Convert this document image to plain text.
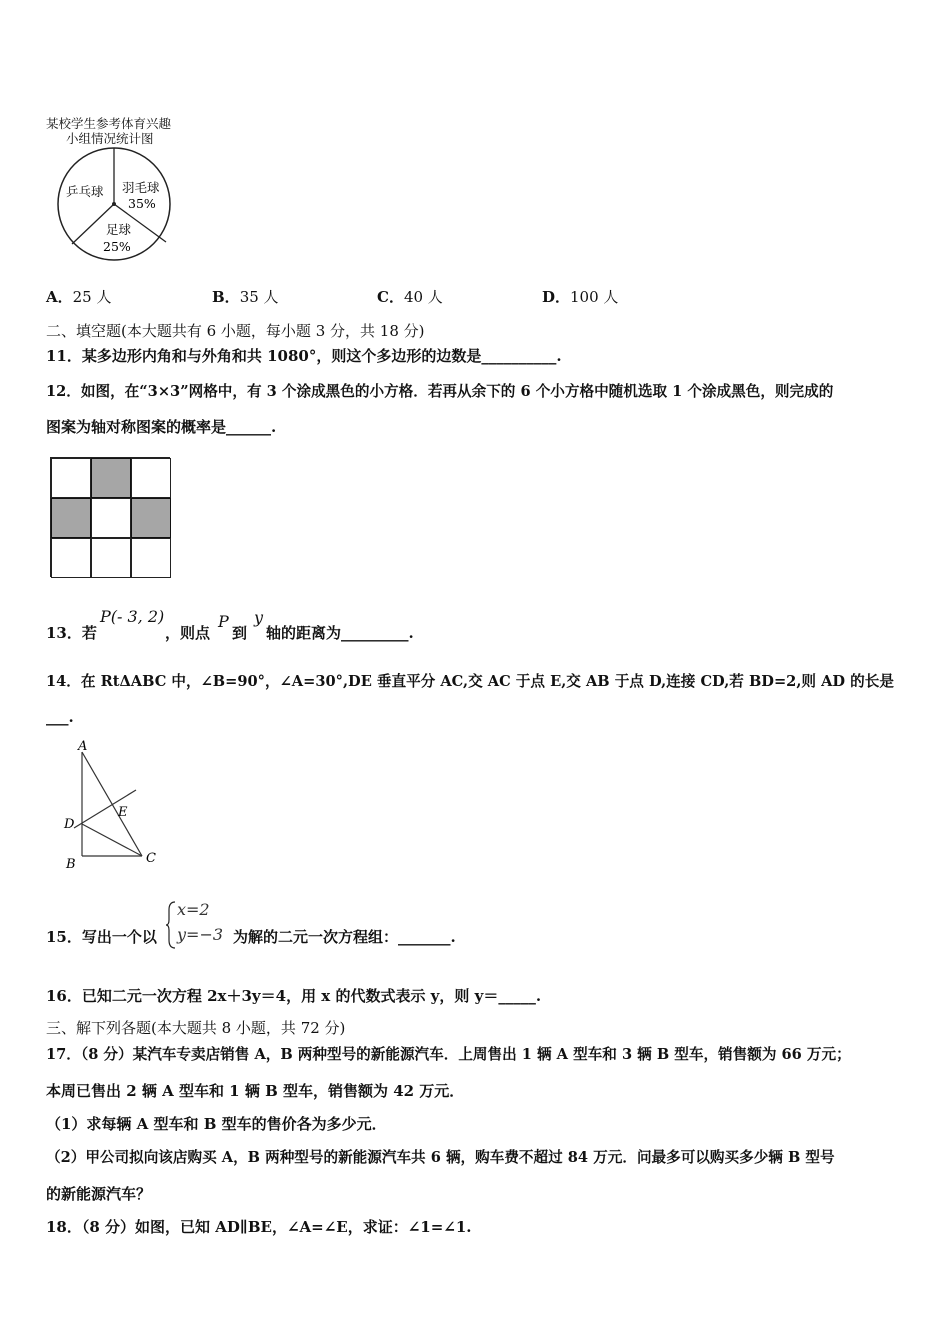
某校学生参考体育兴趣
小组情况统计图
乒乓球 羽毛球
35%
足球
25%
A．25 人	B．35 人	C．40 人	D．100 人
二、填空题(本大题共有 6 小题，每小题 3 分，共 18 分)
11．某多边形内角和与外角和共 1080°，则这个多边形的边数是__________.
12．如图，在“3×3”网格中，有 3 个涂成黑色的小方格．若再从余下的 6 个小方格中随机选取 1 个涂成黑色，则完成的
图案为轴对称图案的概率是______.
13．若
P(- 3, 2)
，则点
P
到
y
轴的距离为_________.
14．在 RtΔABC 中，∠B=90°，∠A=30°,DE 垂直平分 AC,交 AC 于点 E,交 AB 于点 D,连接 CD,若 BD=2,则 AD 的长是
___.
A
D
E
B	C
15．写出一个以
x=2
y=−3 为解的二元一次方程组：_______.
16．已知二元一次方程 2x＋3y＝4，用 x 的代数式表示 y，则 y＝_____.
三、解下列各题(本大题共 8 小题，共 72 分)
17．（8 分）某汽车专卖店销售 A，B 两种型号的新能源汽车．上周售出 1 辆 A 型车和 3 辆 B 型车，销售额为 66 万元；
本周已售出 2 辆 A 型车和 1 辆 B 型车，销售额为 42 万元．
（1）求每辆 A 型车和 B 型车的售价各为多少元．
（2）甲公司拟向该店购买 A，B 两种型号的新能源汽车共 6 辆，购车费不超过 84 万元．问最多可以购买多少辆 B 型号
的新能源汽车？
18．（8 分）如图，已知 AD∥BE，∠A=∠E，求证：∠1=∠1.
